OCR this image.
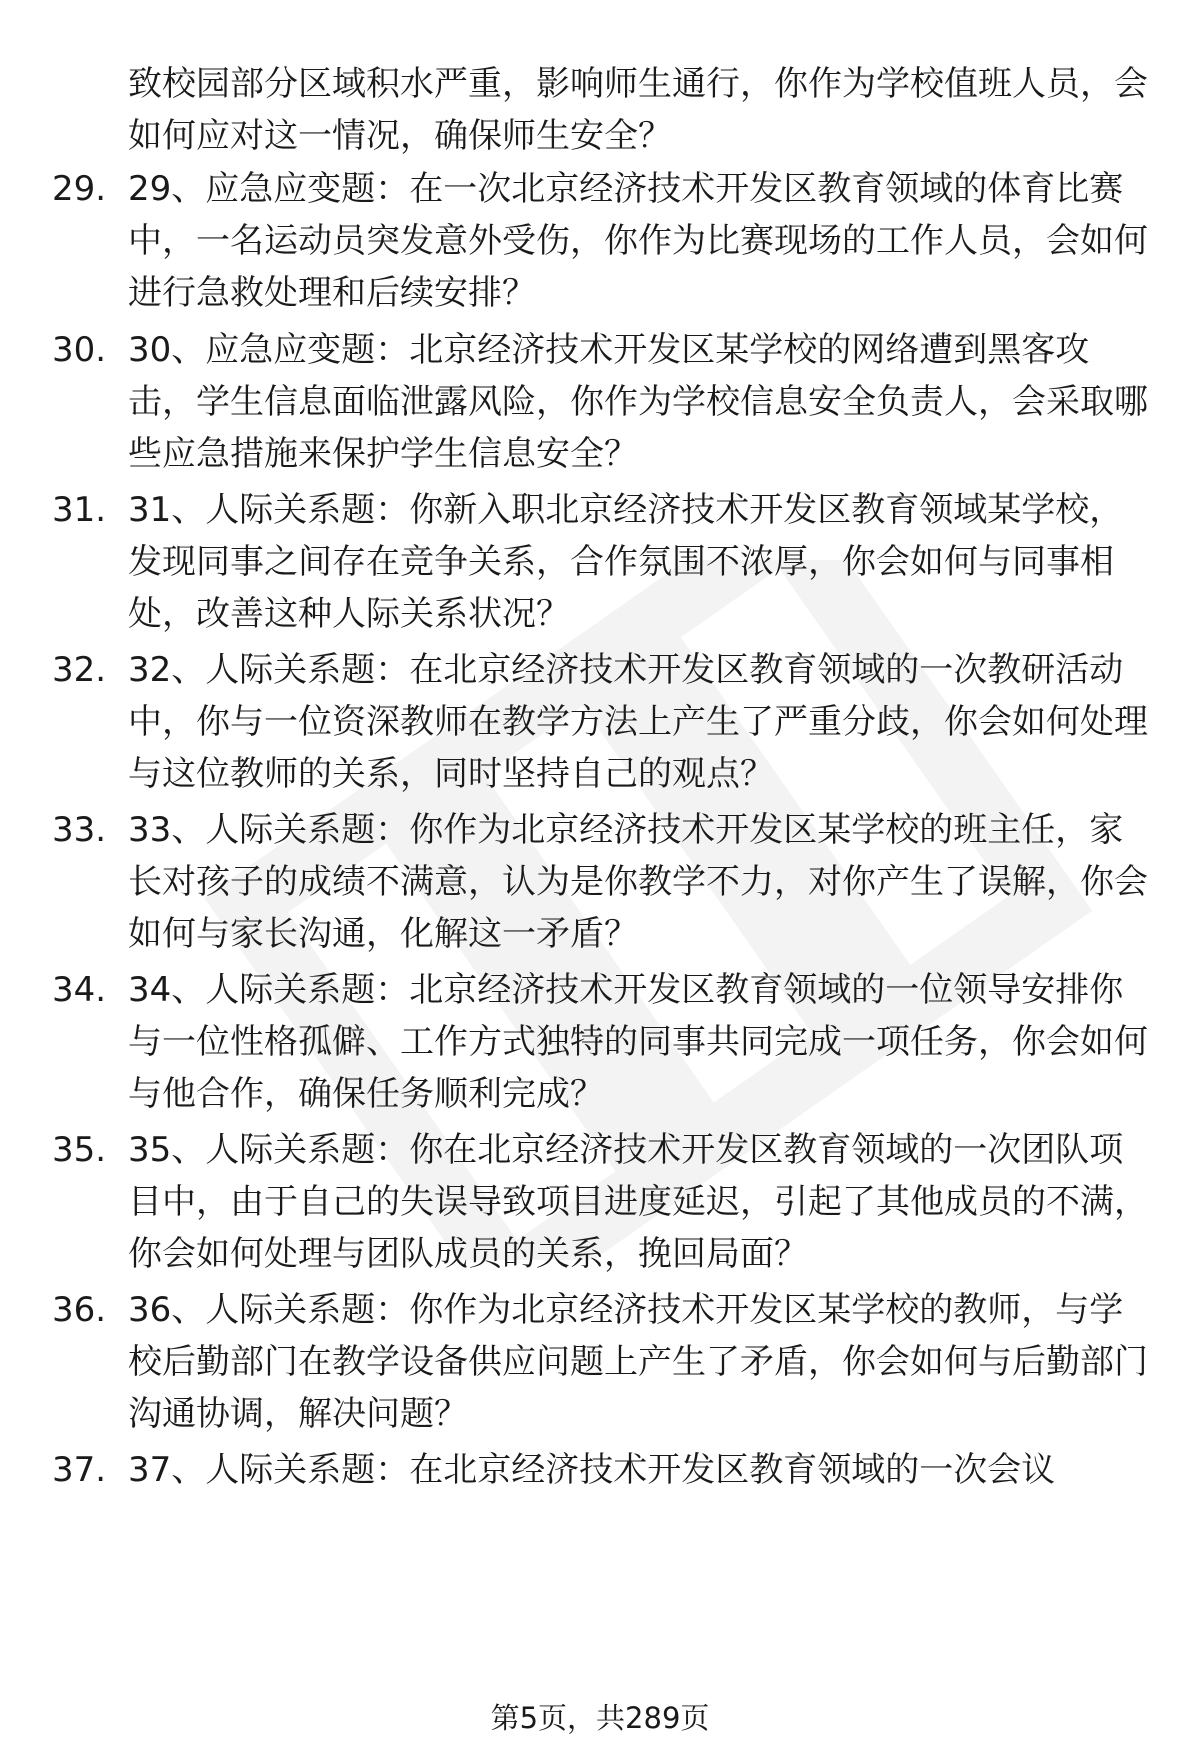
致校园部分区域积水严重，影响师生通行，你作为学校值班人员，会如何应对这一情况，确保师生安全？

29. 29、应急应变题：在一次北京经济技术开发区教育领域的体育比赛中，一名运动员突发意外受伤，你作为比赛现场的工作人员，会如何进行急救处理和后续安排？
30. 30、应急应变题：北京经济技术开发区某学校的网络遭到黑客攻击，学生信息面临泄露风险，你作为学校信息安全负责人，会采取哪些应急措施来保护学生信息安全？
31. 31、人际关系题：你新入职北京经济技术开发区教育领域某学校，发现同事之间存在竞争关系，合作氛围不浓厚，你会如何与同事相处，改善这种人际关系状况？
32. 32、人际关系题：在北京经济技术开发区教育领域的一次教研活动中，你与一位资深教师在教学方法上产生了严重分歧，你会如何处理与这位教师的关系，同时坚持自己的观点？
33. 33、人际关系题：你作为北京经济技术开发区某学校的班主任，家长对孩子的成绩不满意，认为是你教学不力，对你产生了误解，你会如何与家长沟通，化解这一矛盾？
34. 34、人际关系题：北京经济技术开发区教育领域的一位领导安排你与一位性格孤僻、工作方式独特的同事共同完成一项任务，你会如何与他合作，确保任务顺利完成？
35. 35、人际关系题：你在北京经济技术开发区教育领域的一次团队项目中，由于自己的失误导致项目进度延迟，引起了其他成员的不满，你会如何处理与团队成员的关系，挽回局面？
36. 36、人际关系题：你作为北京经济技术开发区某学校的教师，与学校后勤部门在教学设备供应问题上产生了矛盾，你会如何与后勤部门沟通协调，解决问题？
37. 37、人际关系题：在北京经济技术开发区教育领域的一次会议
第5页，共289页
